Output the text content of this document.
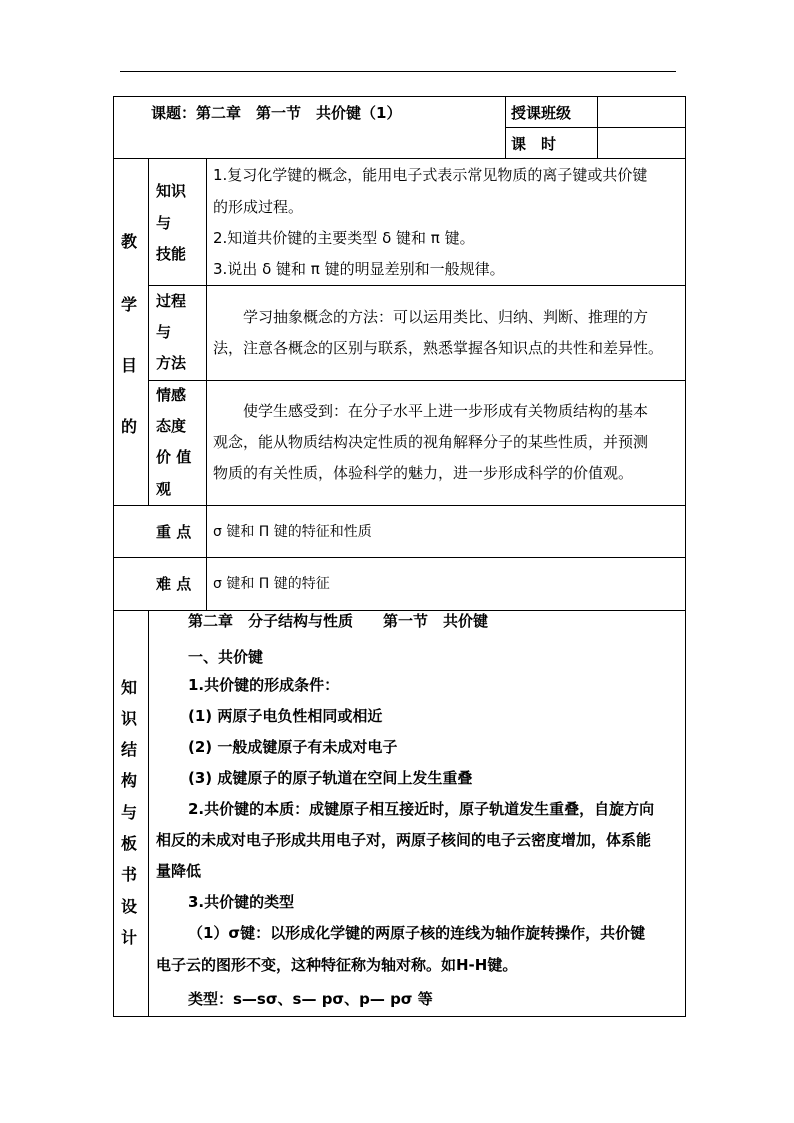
课题：第二章　第一节　共价键（1）	授课班级
课　时
教
学
目
的
知识
与
技能
1.复习化学键的概念，能用电子式表示常见物质的离子键或共价键
的形成过程。
2.知道共价键的主要类型 δ 键和 π 键。
3.说出 δ 键和 π 键的明显差别和一般规律。
过程
与
方法
学习抽象概念的方法：可以运用类比、归纳、判断、推理的方
法，注意各概念的区别与联系，熟悉掌握各知识点的共性和差异性。
情感
态度
价 值
观
使学生感受到：在分子水平上进一步形成有关物质结构的基本
观念，能从物质结构决定性质的视角解释分子的某些性质，并预测
物质的有关性质，体验科学的魅力，进一步形成科学的价值观。
重 点 σ 键和 Π 键的特征和性质
难 点 σ 键和 Π 键的特征
知
识
结
构
与
板
书
设
计
第二章　分子结构与性质　　第一节　共价键
一、共价键
1.共价键的形成条件：
(1) 两原子电负性相同或相近
(2) 一般成键原子有未成对电子
(3) 成键原子的原子轨道在空间上发生重叠
2.共价键的本质：成键原子相互接近时，原子轨道发生重叠，自旋方向
相反的未成对电子形成共用电子对，两原子核间的电子云密度增加，体系能
量降低
3.共价键的类型
（1）σ键：以形成化学键的两原子核的连线为轴作旋转操作，共价键
电子云的图形不变，这种特征称为轴对称。如H-H键。
类型：s—sσ、s— pσ、p— pσ 等
